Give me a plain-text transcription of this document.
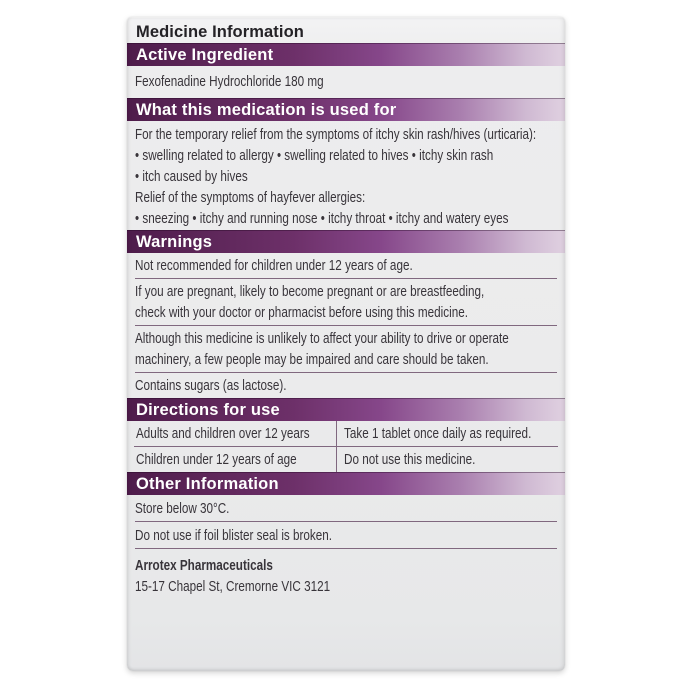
Medicine Information
Active Ingredient
Fexofenadine Hydrochloride 180 mg
What this medication is used for
For the temporary relief from the symptoms of itchy skin rash/hives (urticaria):
• swelling related to allergy • swelling related to hives • itchy skin rash
• itch caused by hives
Relief of the symptoms of hayfever allergies:
• sneezing • itchy and running nose • itchy throat • itchy and watery eyes
Warnings
Not recommended for children under 12 years of age.
If you are pregnant, likely to become pregnant or are breastfeeding,
check with your doctor or pharmacist before using this medicine.
Although this medicine is unlikely to affect your ability to drive or operate
machinery, a few people may be impaired and care should be taken.
Contains sugars (as lactose).
Directions for use
Adults and children over 12 years Take 1 tablet once daily as required.
Children under 12 years of age	Do not use this medicine.
Other Information
Store below 30°C.
Do not use if foil blister seal is broken.
Arrotex Pharmaceuticals
15-17 Chapel St, Cremorne VIC 3121
